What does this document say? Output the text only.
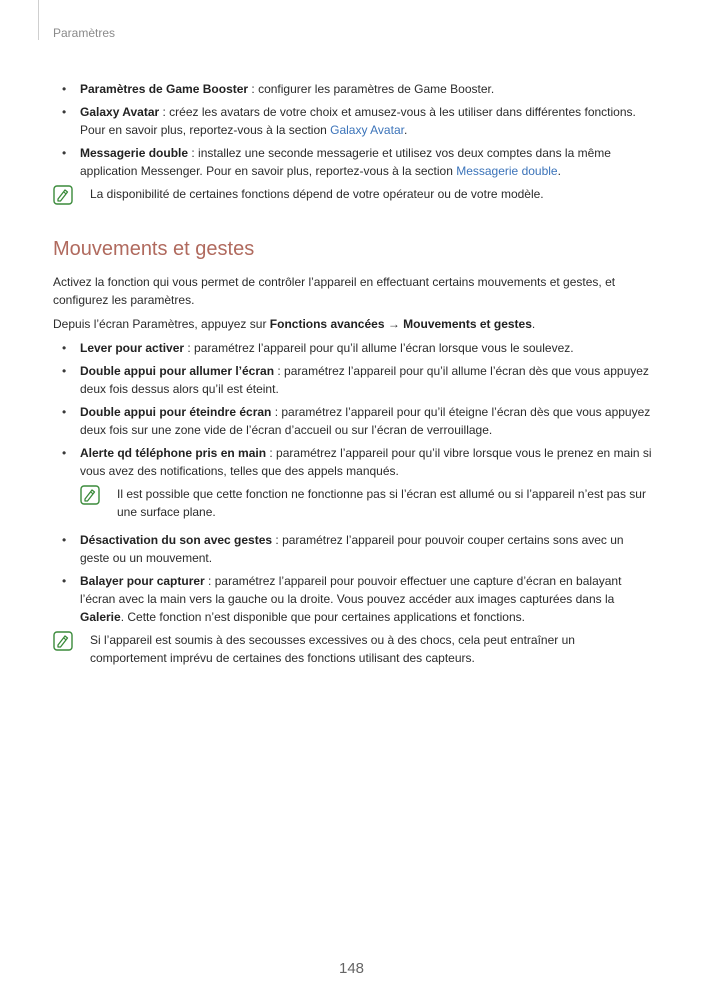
Paramètres
• Paramètres de Game Booster : configurer les paramètres de Game Booster.
• Galaxy Avatar : créez les avatars de votre choix et amusez-vous à les utiliser dans différentes fonctions. Pour en savoir plus, reportez-vous à la section Galaxy Avatar.
• Messagerie double : installez une seconde messagerie et utilisez vos deux comptes dans la même application Messenger. Pour en savoir plus, reportez-vous à la section Messagerie double.
La disponibilité de certaines fonctions dépend de votre opérateur ou de votre modèle.
Mouvements et gestes

Activez la fonction qui vous permet de contrôler l’appareil en effectuant certains mouvements et gestes, et configurez les paramètres.

Depuis l’écran Paramètres, appuyez sur Fonctions avancées → Mouvements et gestes.

• Lever pour activer : paramétrez l’appareil pour qu’il allume l’écran lorsque vous le soulevez.
• Double appui pour allumer l’écran : paramétrez l’appareil pour qu’il allume l’écran dès que vous appuyez deux fois dessus alors qu’il est éteint.
• Double appui pour éteindre écran : paramétrez l’appareil pour qu’il éteigne l’écran dès que vous appuyez deux fois sur une zone vide de l’écran d’accueil ou sur l’écran de verrouillage.
• Alerte qd téléphone pris en main : paramétrez l’appareil pour qu’il vibre lorsque vous le prenez en main si vous avez des notifications, telles que des appels manqués.
Il est possible que cette fonction ne fonctionne pas si l’écran est allumé ou si l’appareil n’est pas sur une surface plane.
• Désactivation du son avec gestes : paramétrez l’appareil pour pouvoir couper certains sons avec un geste ou un mouvement.
• Balayer pour capturer : paramétrez l’appareil pour pouvoir effectuer une capture d’écran en balayant l’écran avec la main vers la gauche ou la droite. Vous pouvez accéder aux images capturées dans la Galerie. Cette fonction n’est disponible que pour certaines applications et fonctions.
Si l’appareil est soumis à des secousses excessives ou à des chocs, cela peut entraîner un comportement imprévu de certaines des fonctions utilisant des capteurs.
148
